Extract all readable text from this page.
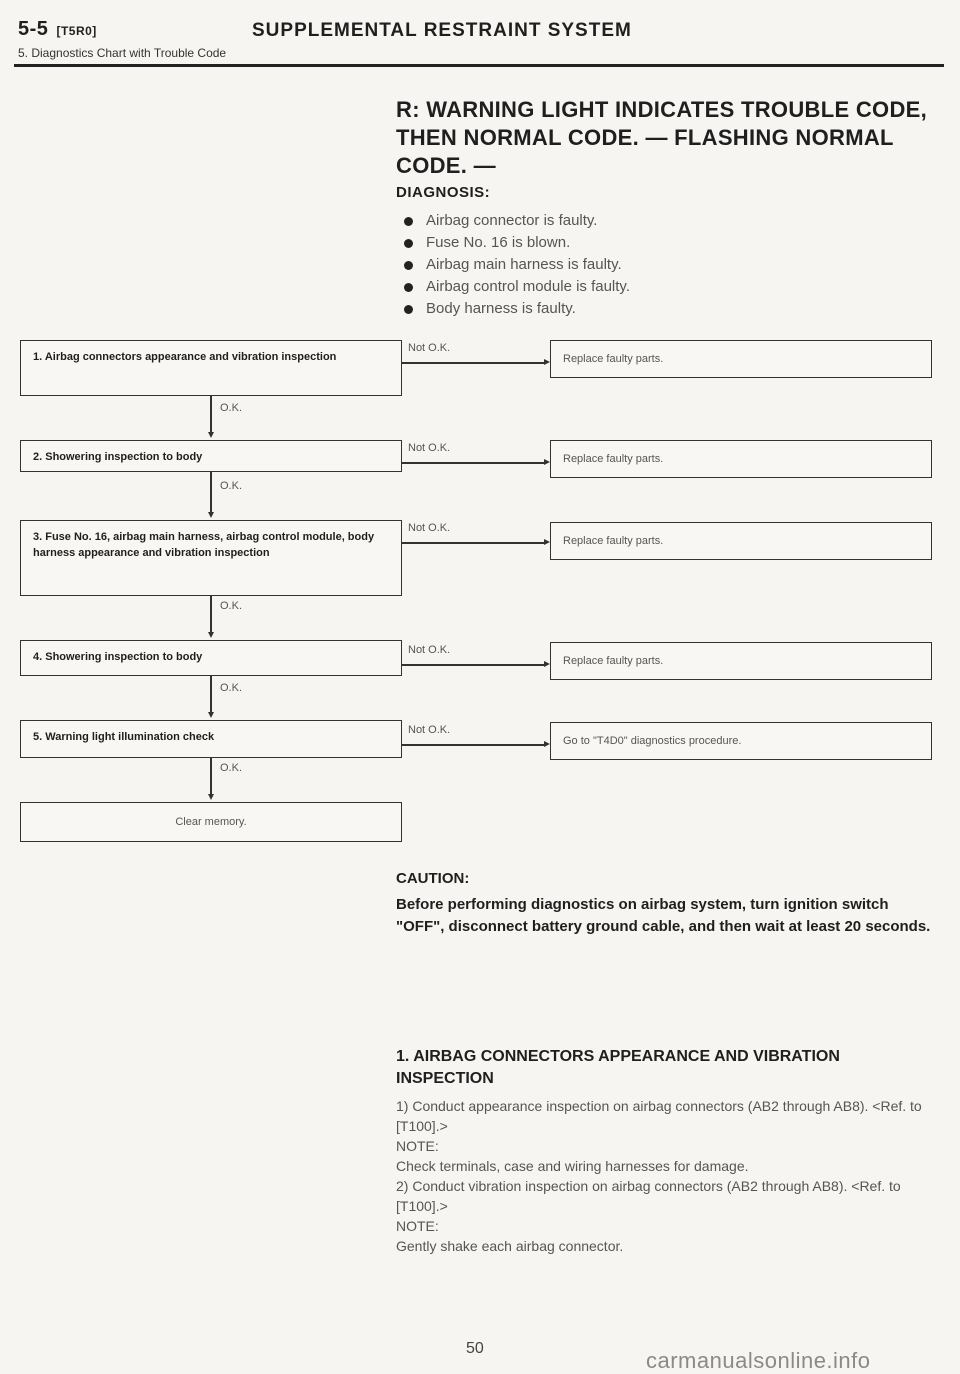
5-5 [T5R0]	SUPPLEMENTAL RESTRAINT SYSTEM
5. Diagnostics Chart with Trouble Code
R: WARNING LIGHT INDICATES TROUBLE CODE, THEN NORMAL CODE. — FLASHING NORMAL CODE. —
DIAGNOSIS:
Airbag connector is faulty.
Fuse No. 16 is blown.
Airbag main harness is faulty.
Airbag control module is faulty.
Body harness is faulty.
1. Airbag connectors appearance and vibration inspection
Not O.K.
Replace faulty parts.
O.K.
2. Showering inspection to body
Not O.K.
Replace faulty parts.
O.K.
3. Fuse No. 16, airbag main harness, airbag control module, body harness appearance and vibration inspection
Not O.K.
Replace faulty parts.
O.K.
4. Showering inspection to body
Not O.K.
Replace faulty parts.
O.K.
5. Warning light illumination check
Not O.K.
Go to "T4D0" diagnostics procedure.
O.K.
Clear memory.
CAUTION:
Before performing diagnostics on airbag system, turn ignition switch "OFF", disconnect battery ground cable, and then wait at least 20 seconds.
1. AIRBAG CONNECTORS APPEARANCE AND VIBRATION INSPECTION

1) Conduct appearance inspection on airbag connectors (AB2 through AB8). <Ref. to [T100].>

NOTE:

Check terminals, case and wiring harnesses for damage.

2) Conduct vibration inspection on airbag connectors (AB2 through AB8). <Ref. to [T100].>

NOTE:

Gently shake each airbag connector.

50	carmanualsonline.info
